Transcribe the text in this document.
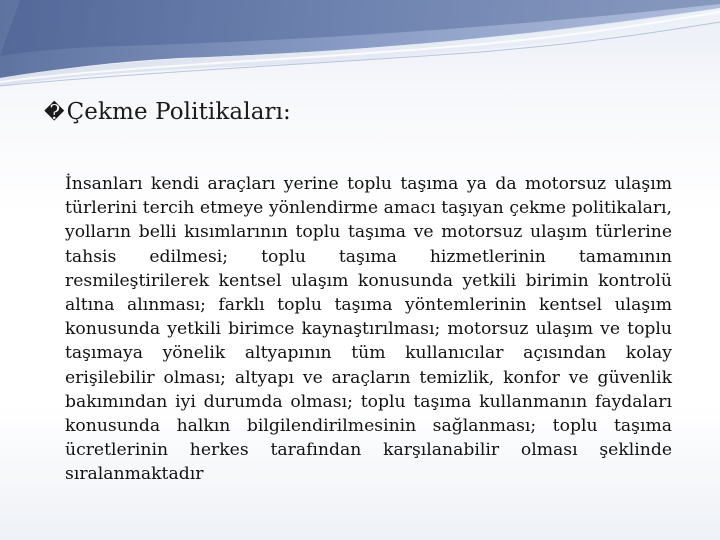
�Çekme Politikaları:

İnsanları kendi araçları yerine toplu taşıma ya da motorsuz ulaşım türlerini tercih etmeye yönlendirme amacı taşıyan çekme politikaları, yolların belli kısımlarının toplu taşıma ve motorsuz ulaşım türlerine tahsis edilmesi; toplu taşıma hizmetlerinin tamamının resmileştirilerek kentsel ulaşım konusunda yetkili birimin kontrolü altına alınması; farklı toplu taşıma yöntemlerinin kentsel ulaşım konusunda yetkili birimce kaynaştırılması; motorsuz ulaşım ve toplu taşımaya yönelik altyapının tüm kullanıcılar açısından kolay erişilebilir olması; altyapı ve araçların temizlik, konfor ve güvenlik bakımından iyi durumda olması; toplu taşıma kullanmanın faydaları konusunda halkın bilgilendirilmesinin sağlanması; toplu taşıma ücretlerinin herkes tarafından karşılanabilir olması şeklinde sıralanmaktadır
